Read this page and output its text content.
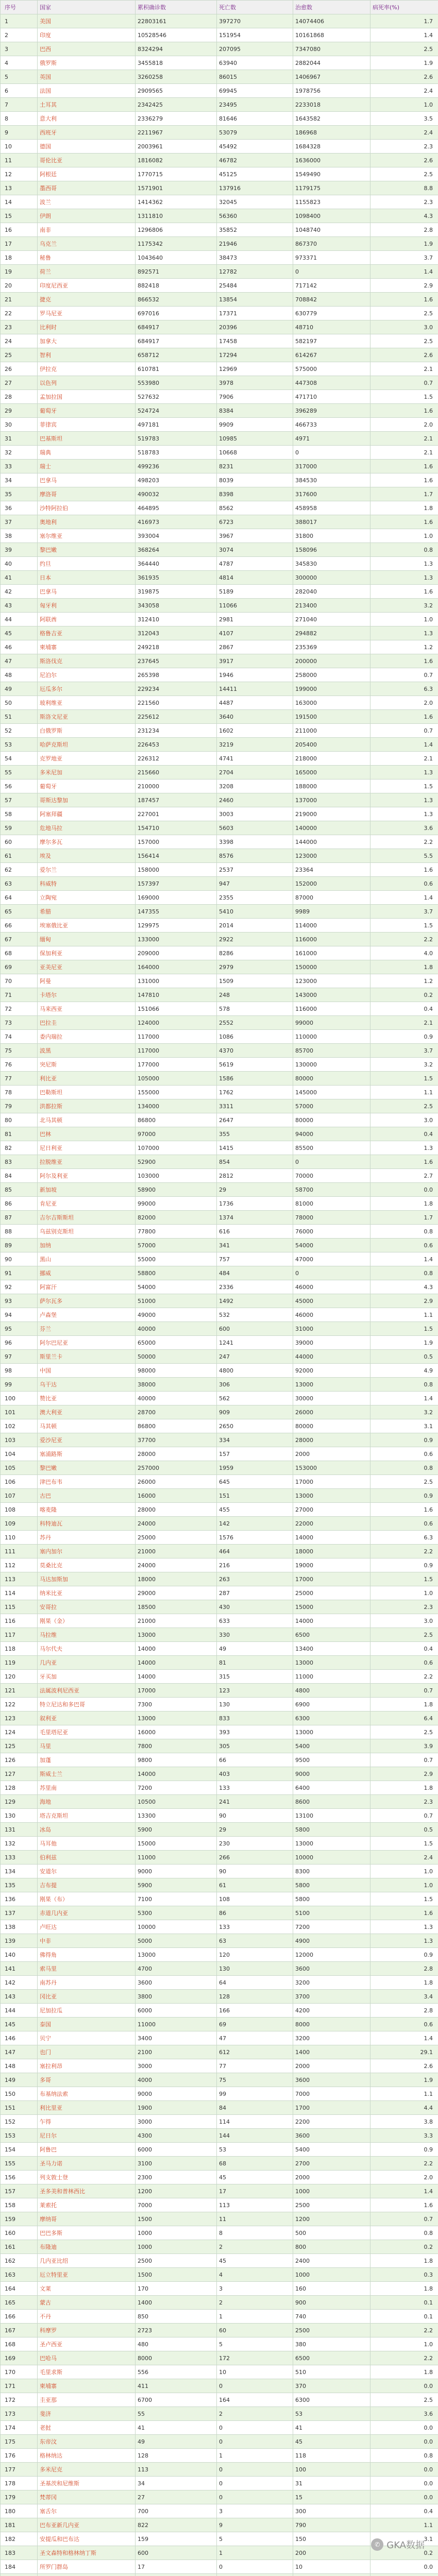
序号	国家	累积确诊数	死亡数	治愈数	病死率(%)
1	美国	22803161	397270	14074406	1.7
2	印度	10528546	151954	10161868	1.4
3	巴西	8324294	207095	7347080	2.5
4	俄罗斯	3455818	63940	2882044	1.9
5	英国	3260258	86015	1406967	2.6
6	法国	2909565	69945	1978756	2.4
7	土耳其	2342425	23495	2233018	1.0
8	意大利	2336279	81646	1643582	3.5
9	西班牙	2211967	53079	186968	2.4
10	德国	2003961	45492	1684328	2.3
11	哥伦比亚	1816082	46782	1636000	2.6
12	阿根廷	1770715	45125	1549490	2.5
13	墨西哥	1571901	137916	1179175	8.8
14	波兰	1414362	32045	1155823	2.3
15	伊朗	1311810	56360	1098400	4.3
16	南非	1296806	35852	1048740	2.8
17	乌克兰	1175342	21946	867370	1.9
18	秘鲁	1043640	38473	973371	3.7
19	荷兰	892571	12782	0	1.4
20	印度尼西亚	882418	25484	717142	2.9
21	捷克	866532	13854	708842	1.6
22	罗马尼亚	697016	17371	630779	2.5
23	比利时	684917	20396	48710	3.0
24	加拿大	684917	17458	582197	2.5
25	智利	658712	17294	614267	2.6
26	伊拉克	610781	12969	575000	2.1
27	以色列	553980	3978	447308	0.7
28	孟加拉国	527632	7906	471710	1.5
29	葡萄牙	524724	8384	396289	1.6
30	菲律宾	497181	9909	466733	2.0
31	巴基斯坦	519783	10985	4971	2.1
32	瑞典	518783	10668	0	2.1
33	瑞士	499236	8231	317000	1.6
34	巴拿马	498203	8039	384530	1.6
35	摩洛哥	490032	8398	317600	1.7
36	沙特阿拉伯	464895	8562	458958	1.8
37	奥地利	416973	6723	388017	1.6
38	塞尔维亚	393004	3967	31800	1.0
39	黎巴嫩	368264	3074	158096	0.8
40	约旦	364440	4787	345830	1.3
41	日本	361935	4814	300000	1.3
42	巴拿马	319875	5189	282040	1.6
43	匈牙利	343058	11066	213400	3.2
44	阿联酋	312410	2981	271040	1.0
45	格鲁吉亚	312043	4107	294882	1.3
46	柬埔寨	249218	2867	235369	1.2
47	斯洛伐克	237645	3917	200000	1.6
48	尼泊尔	265398	1946	258000	0.7
49	厄瓜多尔	229234	14411	199000	6.3
50	玻利维亚	221560	4487	163000	2.0
51	斯洛文尼亚	225612	3640	191500	1.6
52	白俄罗斯	231234	1602	211000	0.7
53	哈萨克斯坦	226453	3219	205400	1.4
54	克罗地亚	226312	4741	218000	2.1
55	多米尼加	215660	2704	165000	1.3
56	葡萄牙	210000	3208	188000	1.5
57	哥斯达黎加	187457	2460	137000	1.3
58	阿塞拜疆	227001	3003	219000	1.3
59	危地马拉	154710	5603	140000	3.6
60	摩尔多瓦	157000	3398	144000	2.2
61	埃及	156414	8576	123000	5.5
62	爱尔兰	158000	2537	23364	1.6
63	科威特	157397	947	152000	0.6
64	立陶宛	169000	2355	87000	1.4
65	希腊	147355	5410	9989	3.7
66	埃塞俄比亚	129975	2014	114000	1.5
67	缅甸	133000	2922	116000	2.2
68	保加利亚	209000	8286	161000	4.0
69	亚美尼亚	164000	2979	150000	1.8
70	阿曼	131000	1509	123000	1.2
71	卡塔尔	147810	248	143000	0.2
72	马来西亚	151066	578	116000	0.4
73	巴拉圭	124000	2552	99000	2.1
74	委内瑞拉	117000	1086	110000	0.9
75	波黑	117000	4370	85700	3.7
76	突尼斯	177000	5619	130000	3.2
77	利比亚	105000	1586	80000	1.5
78	巴勒斯坦	155000	1762	145000	1.1
79	洪都拉斯	134000	3311	57000	2.5
80	北马其顿	86800	2647	80000	3.0
81	巴林	97000	355	94000	0.4
82	尼日利亚	107000	1415	85500	1.3
83	拉脱维亚	52900	854	0	1.6
84	阿尔及利亚	103000	2812	70000	2.7
85	新加坡	58900	29	58700	0.0
86	肯尼亚	99000	1736	81000	1.8
87	吉尔吉斯斯坦	82000	1374	78000	1.7
88	乌兹别克斯坦	77800	616	76000	0.8
89	加纳	57000	341	54000	0.6
90	黑山	55000	757	47000	1.4
91	挪威	58800	484	0	0.8
92	阿富汗	54000	2336	46000	4.3
93	萨尔瓦多	51000	1492	45000	2.9
94	卢森堡	49000	532	46000	1.1
95	芬兰	40000	600	31000	1.5
96	阿尔巴尼亚	65000	1241	39000	1.9
97	斯里兰卡	50000	247	44000	0.5
98	中国	98000	4800	92000	4.9
99	乌干达	38000	306	13000	0.8
100	赞比亚	40000	562	30000	1.4
101	澳大利亚	28700	909	26000	3.2
102	马其顿	86800	2650	80000	3.1
103	爱沙尼亚	37700	334	28000	0.9
104	塞浦路斯	28000	157	2000	0.6
105	黎巴嫩	257000	1959	153000	0.8
106	津巴布韦	26000	645	17000	2.5
107	古巴	16000	151	13000	0.9
108	喀麦隆	28000	455	27000	1.6
109	科特迪瓦	24000	142	22000	0.6
110	苏丹	25000	1576	14000	6.3
111	塞内加尔	21000	464	18000	2.2
112	莫桑比克	24000	216	19000	0.9
113	马达加斯加	18000	263	17000	1.5
114	纳米比亚	29000	287	25000	1.0
115	安哥拉	18500	430	15000	2.3
116	刚果（金）	21000	633	14000	3.0
117	马拉维	13000	330	6500	2.5
118	马尔代夫	14000	49	13400	0.4
119	几内亚	14000	81	13000	0.6
120	牙买加	14000	315	11000	2.2
121	法属波利尼西亚	17000	123	4800	0.7
122	特立尼达和多巴哥	7300	130	6900	1.8
123	叙利亚	13000	833	6300	6.4
124	毛里塔尼亚	16000	393	13000	2.5
125	马里	7800	305	5400	3.9
126	加蓬	9800	66	9500	0.7
127	斯威士兰	14000	403	9000	2.9
128	苏里南	7200	133	6400	1.8
129	海地	10500	241	8600	2.3
130	塔吉克斯坦	13300	90	13100	0.7
131	冰岛	5900	29	5800	0.5
132	马耳他	15000	230	13000	1.5
133	伯利兹	11000	266	10000	2.4
134	安道尔	9000	90	8300	1.0
135	吉布提	5900	61	5800	1.0
136	刚果（布）	7100	108	5800	1.5
137	赤道几内亚	5300	86	5100	1.6
138	卢旺达	10000	133	7200	1.3
139	中非	5000	63	4900	1.3
140	佛得角	13000	120	12000	0.9
141	索马里	4700	130	3600	2.8
142	南苏丹	3600	64	3200	1.8
143	冈比亚	3800	128	3700	3.4
144	尼加拉瓜	6000	166	4200	2.8
145	泰国	11000	69	8000	0.6
146	贝宁	3400	47	3200	1.4
147	也门	2100	612	1400	29.1
148	塞拉利昂	3000	77	2000	2.6
149	多哥	4000	75	3600	1.9
150	布基纳法索	9000	99	7000	1.1
151	利比里亚	1900	84	1700	4.4
152	乍得	3000	114	2200	3.8
153	尼日尔	4300	144	3600	3.3
154	阿鲁巴	6000	53	5400	0.9
155	圣马力诺	3100	68	2700	2.2
156	列支敦士登	2300	45	2000	2.0
157	圣多美和普林西比	1200	17	1000	1.4
158	莱索托	7000	113	2500	1.6
159	摩纳哥	1500	11	1200	0.7
160	巴巴多斯	1000	8	500	0.8
161	布隆迪	1000	2	800	0.2
162	几内亚比绍	2500	45	2400	1.8
163	厄立特里亚	1500	4	1000	0.3
164	文莱	170	3	160	1.8
165	蒙古	1400	2	900	0.1
166	不丹	850	1	740	0.1
167	科摩罗	2723	60	2500	2.2
168	圣卢西亚	480	5	380	1.0
169	巴哈马	8000	172	6500	2.2
170	毛里求斯	556	10	510	1.8
171	柬埔寨	411	0	370	0.0
172	圭亚那	6700	164	6300	2.5
173	斐济	55	2	53	3.6
174	老挝	41	0	41	0.0
175	东帝汶	49	0	45	0.0
176	格林纳达	128	1	118	0.8
177	多米尼克	113	0	100	0.0
178	圣基茨和尼维斯	34	0	31	0.0
179	梵蒂冈	27	0	15	0.0
180	塞舌尔	700	3	300	0.4
181	巴布亚新几内亚	822	9	790	1.1
182	安提瓜和巴布达	159	5	150	3.1
183	圣文森特和格林纳丁斯	600	1	200	0.2
184	所罗门群岛	17	0	10	0.0

✆ GKA数据
